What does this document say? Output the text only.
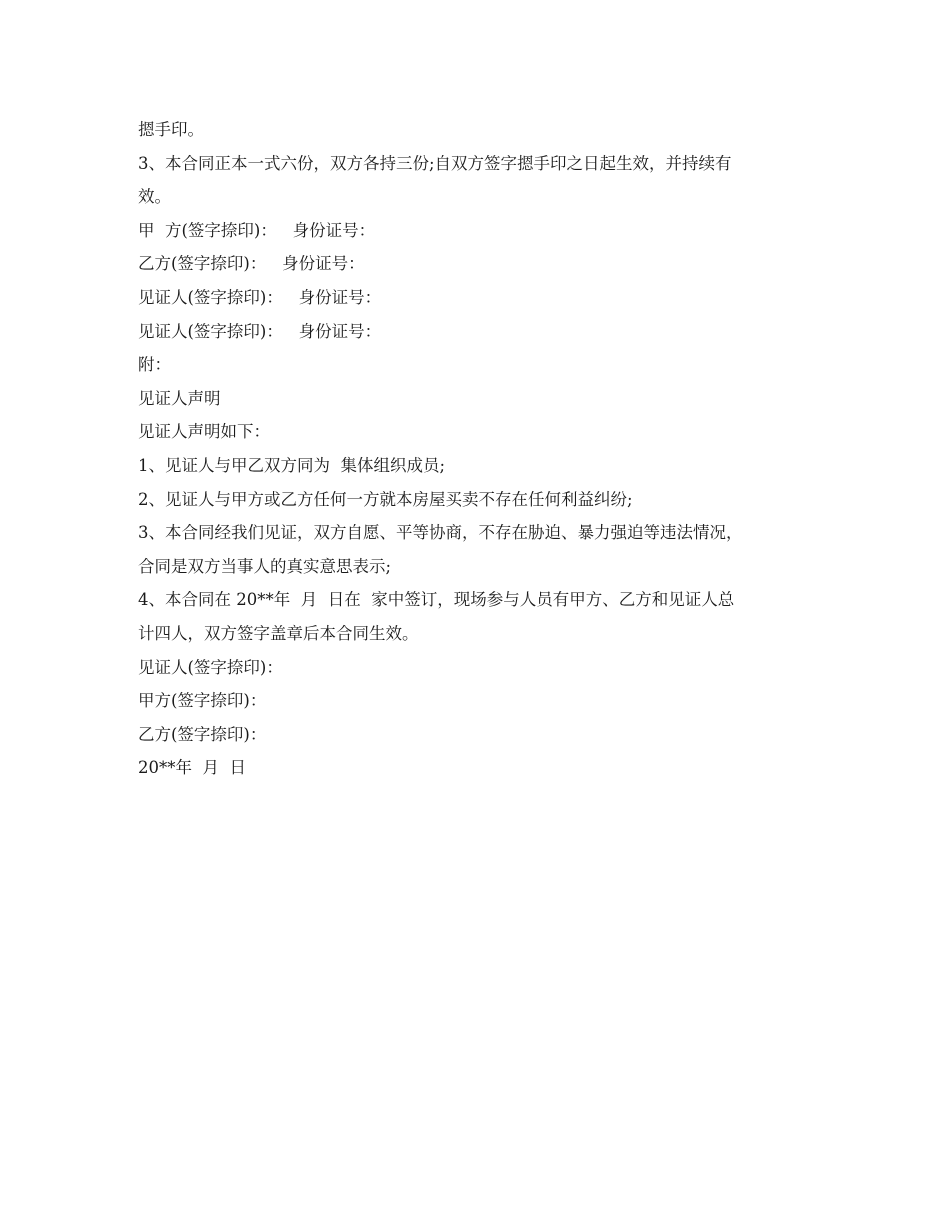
摁手印。
3、本合同正本一式六份，双方各持三份;自双方签字摁手印之日起生效，并持续有
效。
甲  方(签字捺印)：   身份证号：
乙方(签字捺印)：   身份证号：
见证人(签字捺印)：   身份证号：
见证人(签字捺印)：   身份证号：
附：
见证人声明
见证人声明如下：
1、见证人与甲乙双方同为  集体组织成员;
2、见证人与甲方或乙方任何一方就本房屋买卖不存在任何利益纠纷;
3、本合同经我们见证，双方自愿、平等协商，不存在胁迫、暴力强迫等违法情况，
合同是双方当事人的真实意思表示;
4、本合同在 20**年  月  日在  家中签订，现场参与人员有甲方、乙方和见证人总
计四人，双方签字盖章后本合同生效。
见证人(签字捺印)：
甲方(签字捺印)：
乙方(签字捺印)：
20**年  月  日
